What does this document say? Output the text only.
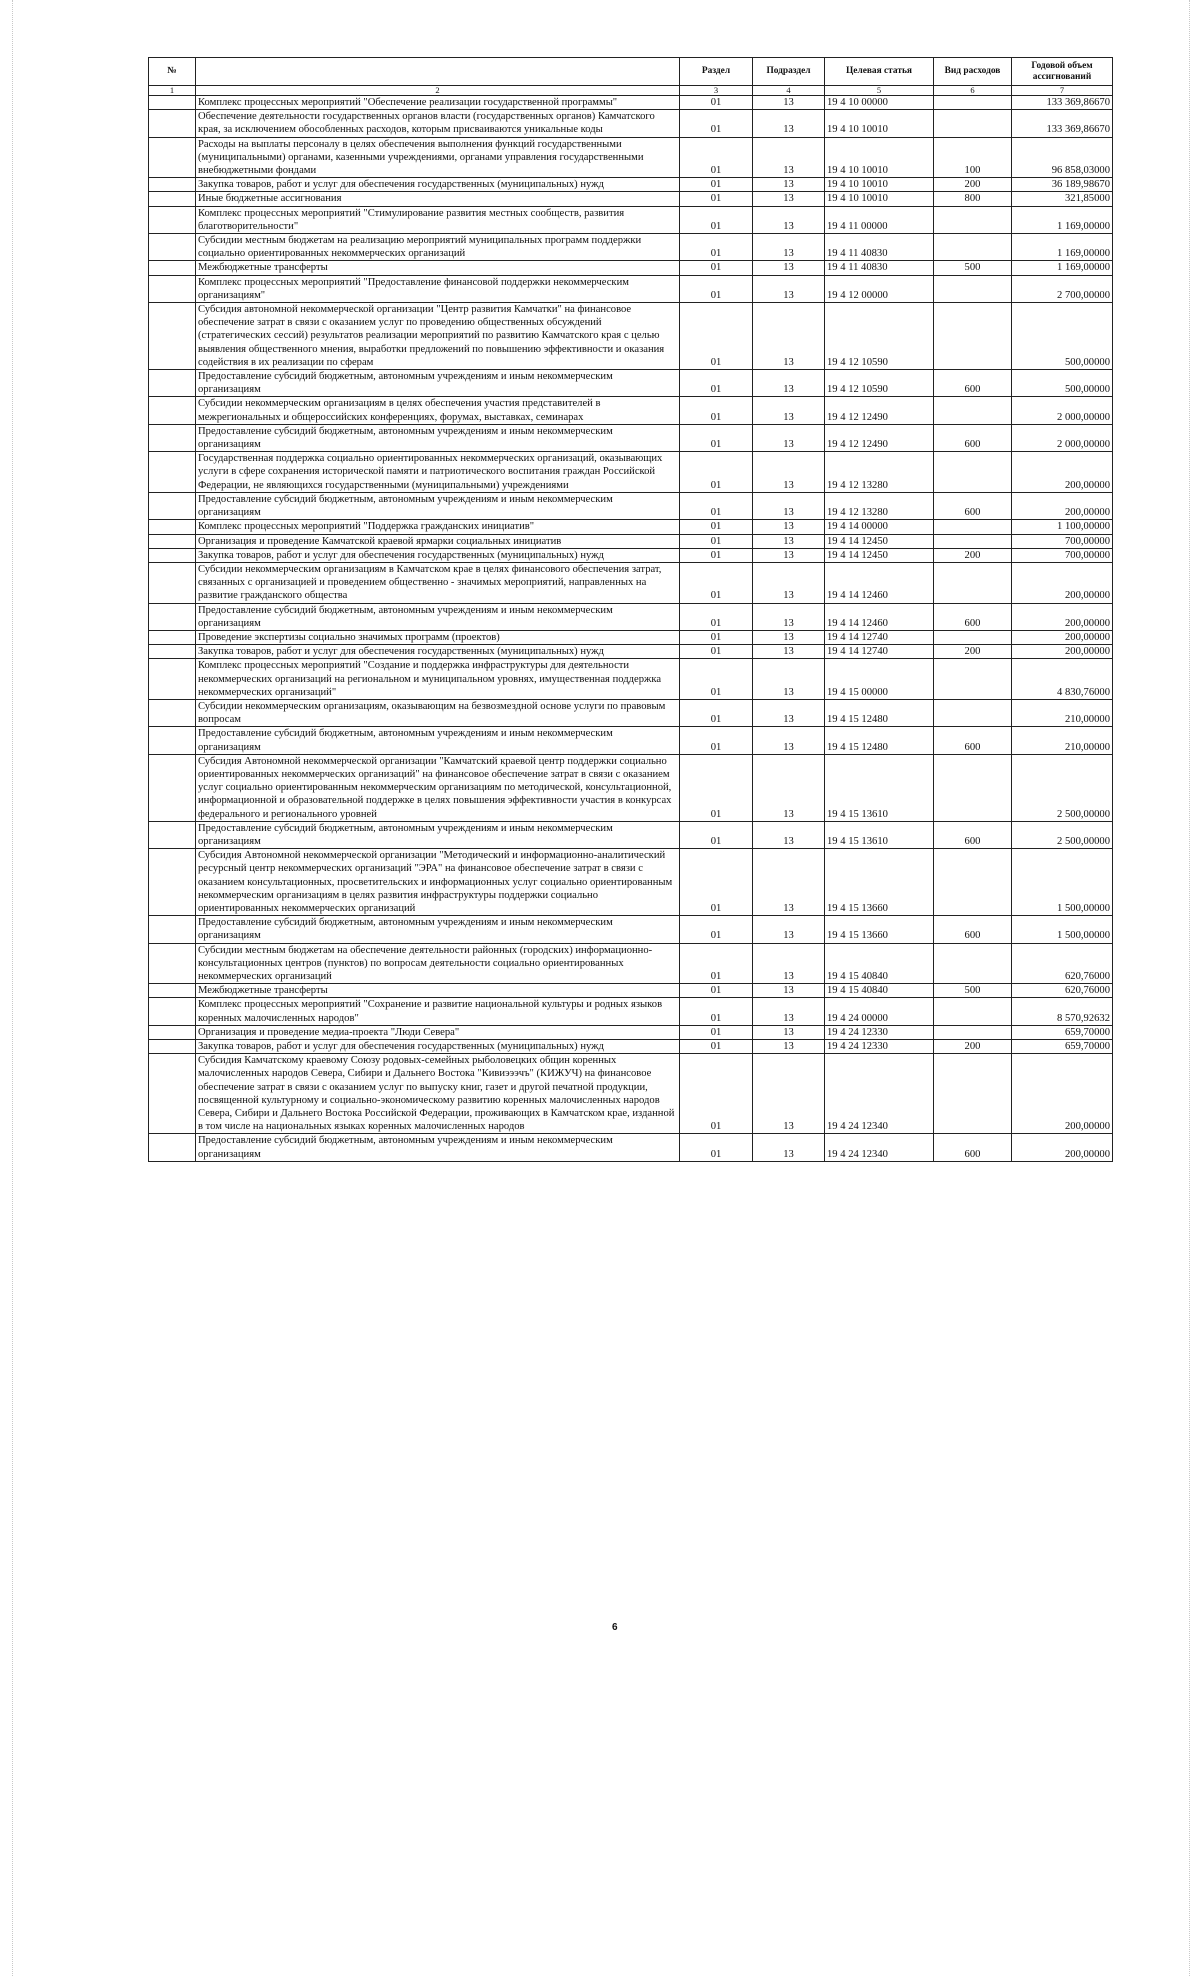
№		Раздел	Подраздел	Целевая статья	Вид расходов	Годовой объем ассигнований
1	2	3	4	5	6	7
	Комплекс процессных мероприятий "Обеспечение реализации государственной программы"	01	13	19 4 10 00000		133 369,86670
	Обеспечение деятельности государственных органов власти (государственных органов) Камчатского края, за исключением обособленных расходов, которым присваиваются уникальные коды	01	13	19 4 10 10010		133 369,86670
	Расходы на выплаты персоналу в целях обеспечения выполнения функций государственными (муниципальными) органами, казенными учреждениями, органами управления государственными внебюджетными фондами	01	13	19 4 10 10010	100	96 858,03000
	Закупка товаров, работ и услуг для обеспечения государственных (муниципальных) нужд	01	13	19 4 10 10010	200	36 189,98670
	Иные бюджетные ассигнования	01	13	19 4 10 10010	800	321,85000
	Комплекс процессных мероприятий "Стимулирование развития местных сообществ, развития благотворительности"	01	13	19 4 11 00000		1 169,00000
	Субсидии местным бюджетам на реализацию мероприятий муниципальных программ поддержки социально ориентированных некоммерческих организаций	01	13	19 4 11 40830		1 169,00000
	Межбюджетные трансферты	01	13	19 4 11 40830	500	1 169,00000
	Комплекс процессных мероприятий "Предоставление финансовой поддержки некоммерческим организациям"	01	13	19 4 12 00000		2 700,00000
	Субсидия автономной некоммерческой организации "Центр развития Камчатки" на финансовое обеспечение затрат в связи с оказанием услуг по проведению общественных обсуждений (стратегических сессий) результатов реализации мероприятий по развитию Камчатского края с целью выявления общественного мнения, выработки предложений по повышению эффективности и оказания содействия в их реализации по сферам	01	13	19 4 12 10590		500,00000
	Предоставление субсидий бюджетным, автономным учреждениям и иным некоммерческим организациям	01	13	19 4 12 10590	600	500,00000
	Субсидии некоммерческим организациям в целях обеспечения участия представителей в межрегиональных и общероссийских конференциях, форумах, выставках, семинарах	01	13	19 4 12 12490		2 000,00000
	Предоставление субсидий бюджетным, автономным учреждениям и иным некоммерческим организациям	01	13	19 4 12 12490	600	2 000,00000
	Государственная поддержка социально ориентированных некоммерческих организаций, оказывающих услуги в сфере сохранения исторической памяти и патриотического воспитания граждан Российской Федерации, не являющихся государственными (муниципальными) учреждениями	01	13	19 4 12 13280		200,00000
	Предоставление субсидий бюджетным, автономным учреждениям и иным некоммерческим организациям	01	13	19 4 12 13280	600	200,00000
	Комплекс процессных мероприятий "Поддержка гражданских инициатив"	01	13	19 4 14 00000		1 100,00000
	Организация и проведение Камчатской краевой ярмарки социальных инициатив	01	13	19 4 14 12450		700,00000
	Закупка товаров, работ и услуг для обеспечения государственных (муниципальных) нужд	01	13	19 4 14 12450	200	700,00000
	Субсидии некоммерческим организациям в Камчатском крае в целях финансового обеспечения затрат, связанных с организацией и проведением общественно - значимых мероприятий, направленных на развитие гражданского общества	01	13	19 4 14 12460		200,00000
	Предоставление субсидий бюджетным, автономным учреждениям и иным некоммерческим организациям	01	13	19 4 14 12460	600	200,00000
	Проведение экспертизы социально значимых программ (проектов)	01	13	19 4 14 12740		200,00000
	Закупка товаров, работ и услуг для обеспечения государственных (муниципальных) нужд	01	13	19 4 14 12740	200	200,00000
	Комплекс процессных мероприятий "Создание и поддержка инфраструктуры для деятельности некоммерческих организаций на региональном и муниципальном уровнях, имущественная поддержка некоммерческих организаций"	01	13	19 4 15 00000		4 830,76000
	Субсидии некоммерческим организациям, оказывающим на безвозмездной основе услуги по правовым вопросам	01	13	19 4 15 12480		210,00000
	Предоставление субсидий бюджетным, автономным учреждениям и иным некоммерческим организациям	01	13	19 4 15 12480	600	210,00000
	Субсидия Автономной некоммерческой организации "Камчатский краевой центр поддержки социально ориентированных некоммерческих организаций" на финансовое обеспечение затрат в связи с оказанием услуг социально ориентированным некоммерческим организациям по методической, консультационной, информационной и образовательной поддержке в целях повышения эффективности участия в конкурсах федерального и регионального уровней	01	13	19 4 15 13610		2 500,00000
	Предоставление субсидий бюджетным, автономным учреждениям и иным некоммерческим организациям	01	13	19 4 15 13610	600	2 500,00000
	Субсидия Автономной некоммерческой организации "Методический и информационно-аналитический ресурсный центр некоммерческих организаций "ЭРА" на финансовое обеспечение затрат в связи с оказанием консультационных, просветительских и информационных услуг социально ориентированным некоммерческим организациям в целях развития инфраструктуры поддержки социально ориентированных некоммерческих организаций	01	13	19 4 15 13660		1 500,00000
	Предоставление субсидий бюджетным, автономным учреждениям и иным некоммерческим организациям	01	13	19 4 15 13660	600	1 500,00000
	Субсидии местным бюджетам на обеспечение деятельности районных (городских) информационно-консультационных центров (пунктов) по вопросам деятельности социально ориентированных некоммерческих организаций	01	13	19 4 15 40840		620,76000
	Межбюджетные трансферты	01	13	19 4 15 40840	500	620,76000
	Комплекс процессных мероприятий "Сохранение и развитие национальной культуры и родных языков коренных малочисленных народов"	01	13	19 4 24 00000		8 570,92632
	Организация и проведение медиа-проекта "Люди Севера"	01	13	19 4 24 12330		659,70000
	Закупка товаров, работ и услуг для обеспечения государственных (муниципальных) нужд	01	13	19 4 24 12330	200	659,70000
	Субсидия Камчатскому краевому Союзу родовых-семейных рыболовецких общин коренных малочисленных народов Севера, Сибири и Дальнего Востока "Кивиэээчъ" (КИЖУЧ) на финансовое обеспечение затрат в связи с оказанием услуг по выпуску книг, газет и другой печатной продукции, посвященной культурному и социально-экономическому развитию коренных малочисленных народов Севера, Сибири и Дальнего Востока Российской Федерации, проживающих в Камчатском крае, изданной в том числе на национальных языках коренных малочисленных народов	01	13	19 4 24 12340		200,00000
	Предоставление субсидий бюджетным, автономным учреждениям и иным некоммерческим организациям	01	13	19 4 24 12340	600	200,00000
6
